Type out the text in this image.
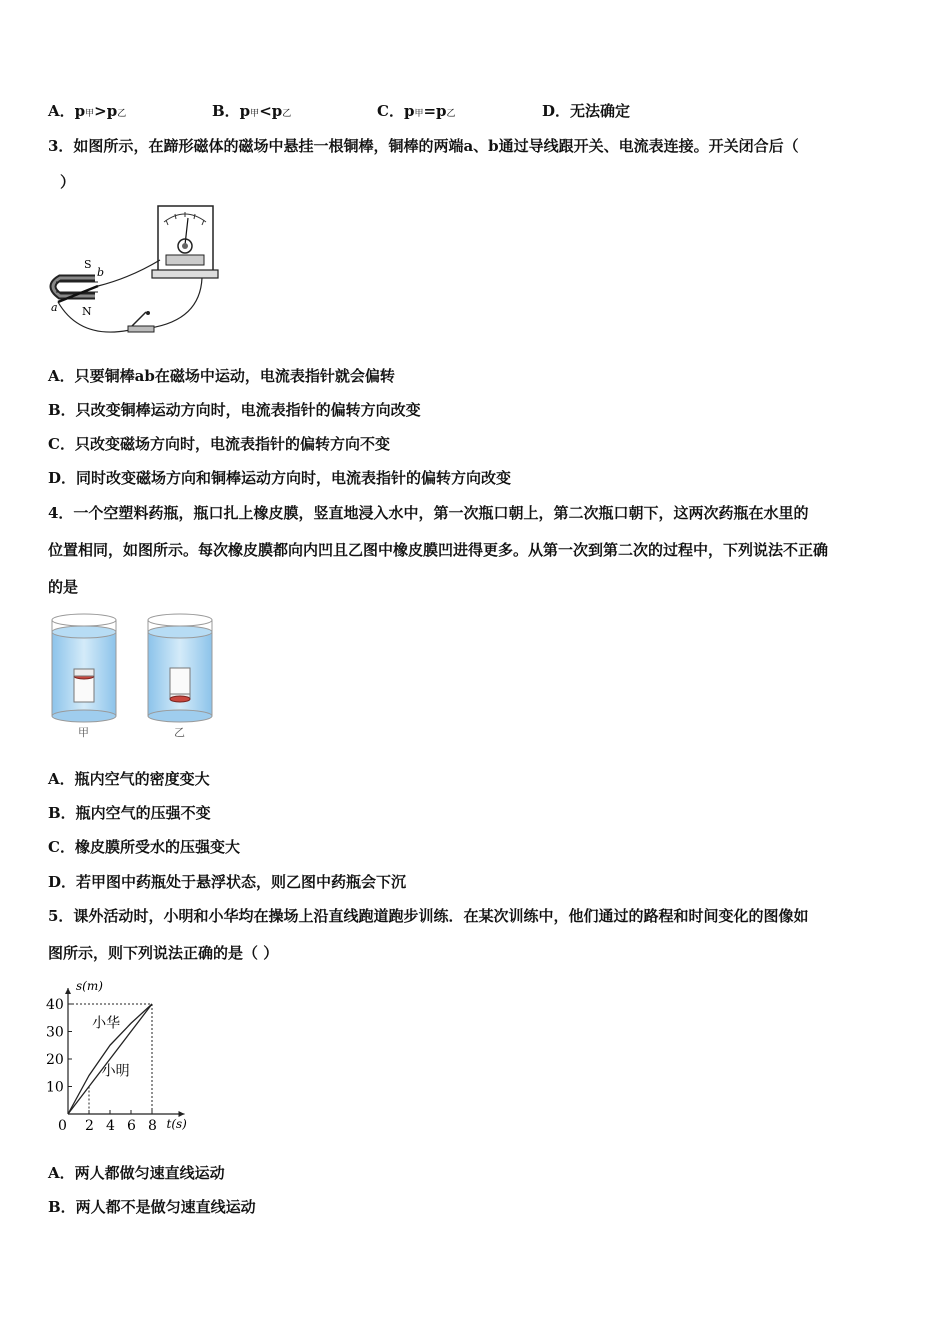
A．p甲>p乙	B．p甲<p乙	C．p甲=p乙	D．无法确定
3．如图所示，在蹄形磁体的磁场中悬挂一根铜棒，铜棒的两端a、b通过导线跟开关、电流表连接。开关闭合后（
）
S
b
a N
A．只要铜棒ab在磁场中运动，电流表指针就会偏转
B．只改变铜棒运动方向时，电流表指针的偏转方向改变
C．只改变磁场方向时，电流表指针的偏转方向不变
D．同时改变磁场方向和铜棒运动方向时，电流表指针的偏转方向改变
4．一个空塑料药瓶，瓶口扎上橡皮膜，竖直地浸入水中，第一次瓶口朝上，第二次瓶口朝下，这两次药瓶在水里的
位置相同，如图所示。每次橡皮膜都向内凹且乙图中橡皮膜凹进得更多。从第一次到第二次的过程中，下列说法不正确
的是
甲	乙
A．瓶内空气的密度变大
B．瓶内空气的压强不变
C．橡皮膜所受水的压强变大
D．若甲图中药瓶处于悬浮状态，则乙图中药瓶会下沉
5．课外活动时，小明和小华均在操场上沿直线跑道跑步训练．在某次训练中，他们通过的路程和时间变化的图像如
图所示，则下列说法正确的是（ ）
s(m)
t(s)
0 2 4 6 8
10
20
30
40
小华
小明
A．两人都做匀速直线运动
B．两人都不是做匀速直线运动
